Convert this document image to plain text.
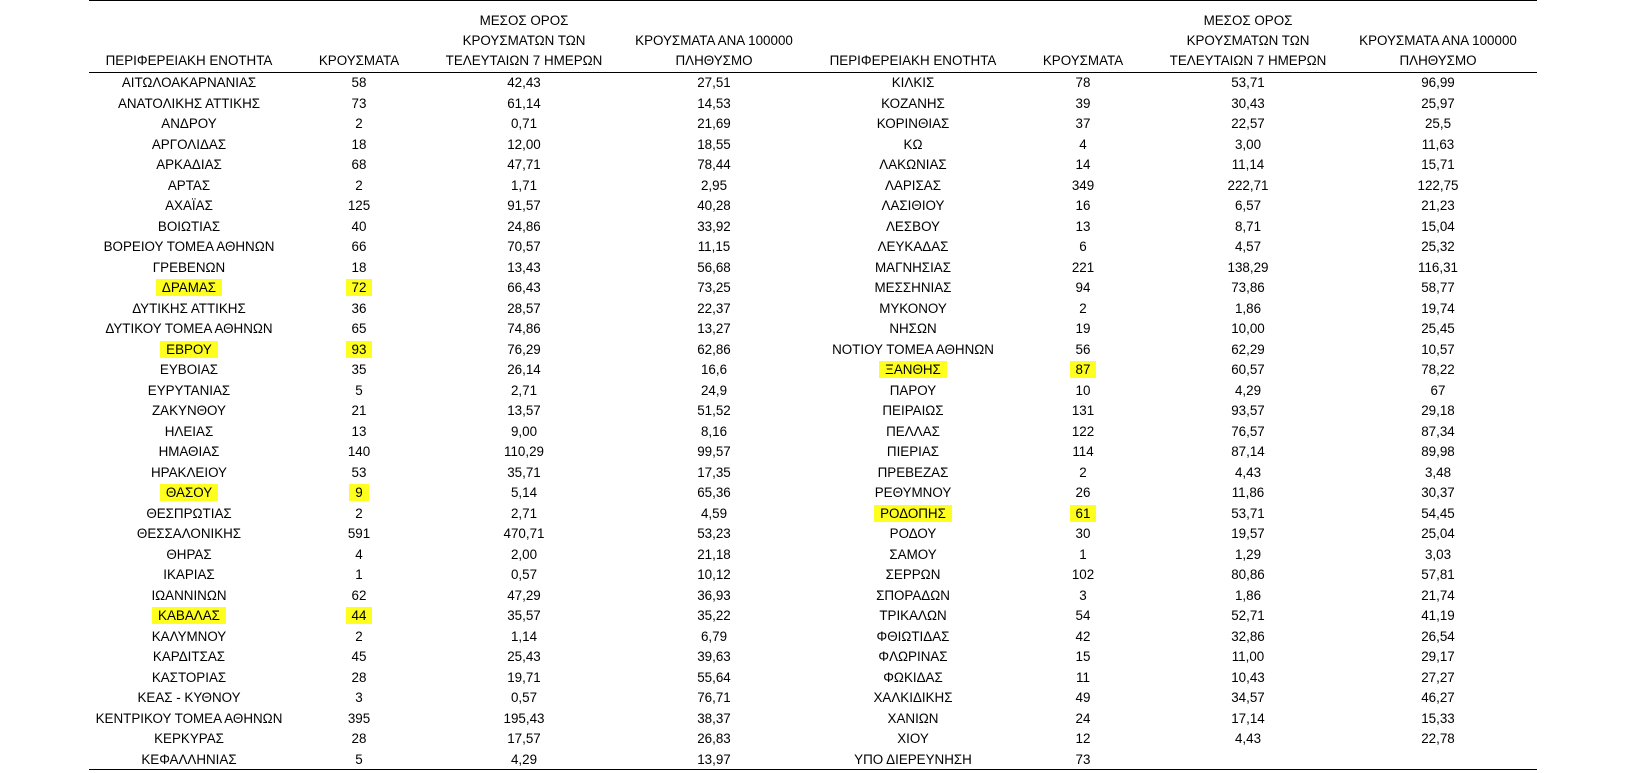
ΠΕΡΙΦΕΡΕΙΑΚΗ ΕΝΟΤΗΤΑ	ΚΡΟΥΣΜΑΤΑ
ΜΕΣΟΣ ΟΡΟΣ
ΚΡΟΥΣΜΑΤΩΝ ΤΩΝ
ΤΕΛΕΥΤΑΙΩΝ 7 ΗΜΕΡΩΝ
ΚΡΟΥΣΜΑΤΑ ΑΝΑ 100000
ΠΛΗΘΥΣΜΟ
ΑΙΤΩΛΟΑΚΑΡΝΑΝΙΑΣ	58	42,43	27,51
ΑΝΑΤΟΛΙΚΗΣ ΑΤΤΙΚΗΣ	73	61,14	14,53
ΑΝΔΡΟΥ	2	0,71	21,69
ΑΡΓΟΛΙΔΑΣ	18	12,00	18,55
ΑΡΚΑΔΙΑΣ	68	47,71	78,44
ΑΡΤΑΣ	2	1,71	2,95
ΑΧΑΪΑΣ	125	91,57	40,28
ΒΟΙΩΤΙΑΣ	40	24,86	33,92
ΒΟΡΕΙΟΥ ΤΟΜΕΑ ΑΘΗΝΩΝ	66	70,57	11,15
ΓΡΕΒΕΝΩΝ	18	13,43	56,68
ΔΡΑΜΑΣ	72	66,43	73,25
ΔΥΤΙΚΗΣ ΑΤΤΙΚΗΣ	36	28,57	22,37
ΔΥΤΙΚΟΥ ΤΟΜΕΑ ΑΘΗΝΩΝ	65	74,86	13,27
ΕΒΡΟΥ	93	76,29	62,86
ΕΥΒΟΙΑΣ	35	26,14	16,6
ΕΥΡΥΤΑΝΙΑΣ	5	2,71	24,9
ΖΑΚΥΝΘΟΥ	21	13,57	51,52
ΗΛΕΙΑΣ	13	9,00	8,16
ΗΜΑΘΙΑΣ	140	110,29	99,57
ΗΡΑΚΛΕΙΟΥ	53	35,71	17,35
ΘΑΣΟΥ	9	5,14	65,36
ΘΕΣΠΡΩΤΙΑΣ	2	2,71	4,59
ΘΕΣΣΑΛΟΝΙΚΗΣ	591	470,71	53,23
ΘΗΡΑΣ	4	2,00	21,18
ΙΚΑΡΙΑΣ	1	0,57	10,12
ΙΩΑΝΝΙΝΩΝ	62	47,29	36,93
ΚΑΒΑΛΑΣ	44	35,57	35,22
ΚΑΛΥΜΝΟΥ	2	1,14	6,79
ΚΑΡΔΙΤΣΑΣ	45	25,43	39,63
ΚΑΣΤΟΡΙΑΣ	28	19,71	55,64
ΚΕΑΣ - ΚΥΘΝΟΥ	3	0,57	76,71
ΚΕΝΤΡΙΚΟΥ ΤΟΜΕΑ ΑΘΗΝΩΝ	395	195,43	38,37
ΚΕΡΚΥΡΑΣ	28	17,57	26,83
ΚΕΦΑΛΛΗΝΙΑΣ	5	4,29	13,97
ΠΕΡΙΦΕΡΕΙΑΚΗ ΕΝΟΤΗΤΑ	ΚΡΟΥΣΜΑΤΑ
ΜΕΣΟΣ ΟΡΟΣ
ΚΡΟΥΣΜΑΤΩΝ ΤΩΝ
ΤΕΛΕΥΤΑΙΩΝ 7 ΗΜΕΡΩΝ
ΚΡΟΥΣΜΑΤΑ ΑΝΑ 100000
ΠΛΗΘΥΣΜΟ
ΚΙΛΚΙΣ	78	53,71	96,99
ΚΟΖΑΝΗΣ	39	30,43	25,97
ΚΟΡΙΝΘΙΑΣ	37	22,57	25,5
ΚΩ	4	3,00	11,63
ΛΑΚΩΝΙΑΣ	14	11,14	15,71
ΛΑΡΙΣΑΣ	349	222,71	122,75
ΛΑΣΙΘΙΟΥ	16	6,57	21,23
ΛΕΣΒΟΥ	13	8,71	15,04
ΛΕΥΚΑΔΑΣ	6	4,57	25,32
ΜΑΓΝΗΣΙΑΣ	221	138,29	116,31
ΜΕΣΣΗΝΙΑΣ	94	73,86	58,77
ΜΥΚΟΝΟΥ	2	1,86	19,74
ΝΗΣΩΝ	19	10,00	25,45
ΝΟΤΙΟΥ ΤΟΜΕΑ ΑΘΗΝΩΝ	56	62,29	10,57
ΞΑΝΘΗΣ	87	60,57	78,22
ΠΑΡΟΥ	10	4,29	67
ΠΕΙΡΑΙΩΣ	131	93,57	29,18
ΠΕΛΛΑΣ	122	76,57	87,34
ΠΙΕΡΙΑΣ	114	87,14	89,98
ΠΡΕΒΕΖΑΣ	2	4,43	3,48
ΡΕΘΥΜΝΟΥ	26	11,86	30,37
ΡΟΔΟΠΗΣ	61	53,71	54,45
ΡΟΔΟΥ	30	19,57	25,04
ΣΑΜΟΥ	1	1,29	3,03
ΣΕΡΡΩΝ	102	80,86	57,81
ΣΠΟΡΑΔΩΝ	3	1,86	21,74
ΤΡΙΚΑΛΩΝ	54	52,71	41,19
ΦΘΙΩΤΙΔΑΣ	42	32,86	26,54
ΦΛΩΡΙΝΑΣ	15	11,00	29,17
ΦΩΚΙΔΑΣ	11	10,43	27,27
ΧΑΛΚΙΔΙΚΗΣ	49	34,57	46,27
ΧΑΝΙΩΝ	24	17,14	15,33
ΧΙΟΥ	12	4,43	22,78
ΥΠΟ ΔΙΕΡΕΥΝΗΣΗ	73
